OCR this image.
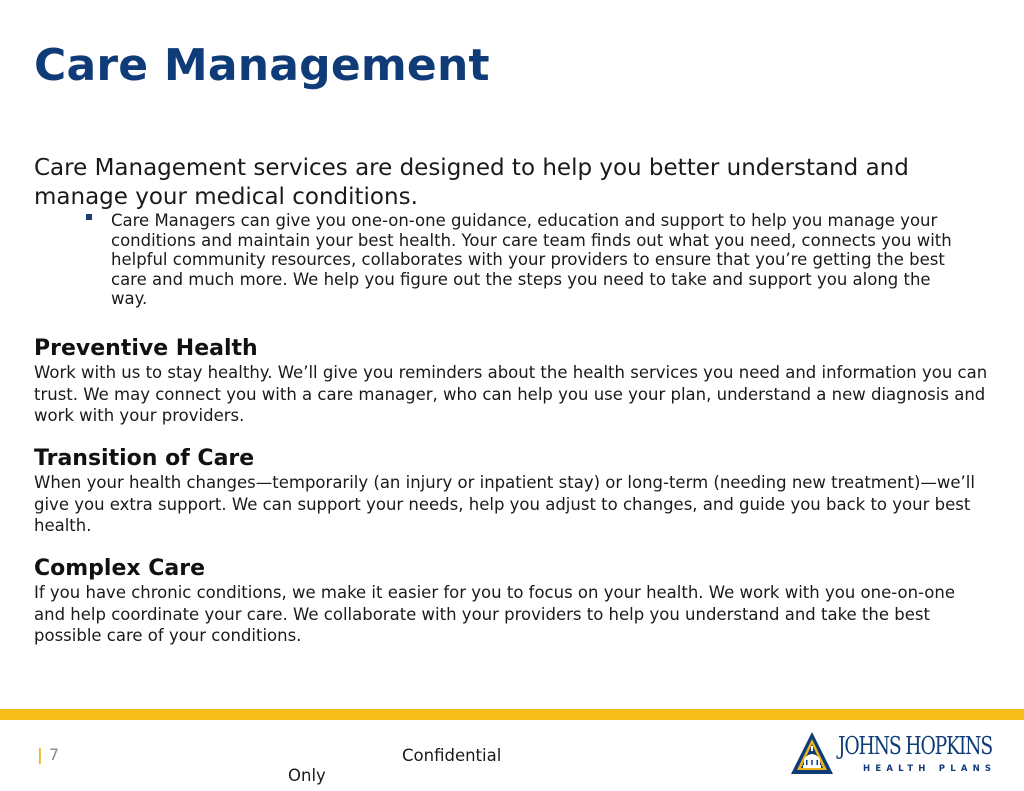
Care Management

Care Management services are designed to help you better understand and manage your medical conditions.

Care Managers can give you one-on-one guidance, education and support to help you manage your conditions and maintain your best health. Your care team finds out what you need, connects you with helpful community resources, collaborates with your providers to ensure that you’re getting the best care and much more. We help you figure out the steps you need to take and support you along the way.
Preventive Health

Work with us to stay healthy. We’ll give you reminders about the health services you need and information you can trust. We may connect you with a care manager, who can help you use your plan, understand a new diagnosis and work with your providers.

Transition of Care

When your health changes—temporarily (an injury or inpatient stay) or long-term (needing new treatment)—we’ll give you extra support. We can support your needs, help you adjust to changes, and guide you back to your best health.

Complex Care

If you have chronic conditions, we make it easier for you to focus on your health. We work with you one-on-one and help coordinate your care. We collaborate with your providers to help you understand and take the best possible care of your conditions.

| 7	Confidential
Only
JOHNS HOPKINS
HEALTH PLANS
